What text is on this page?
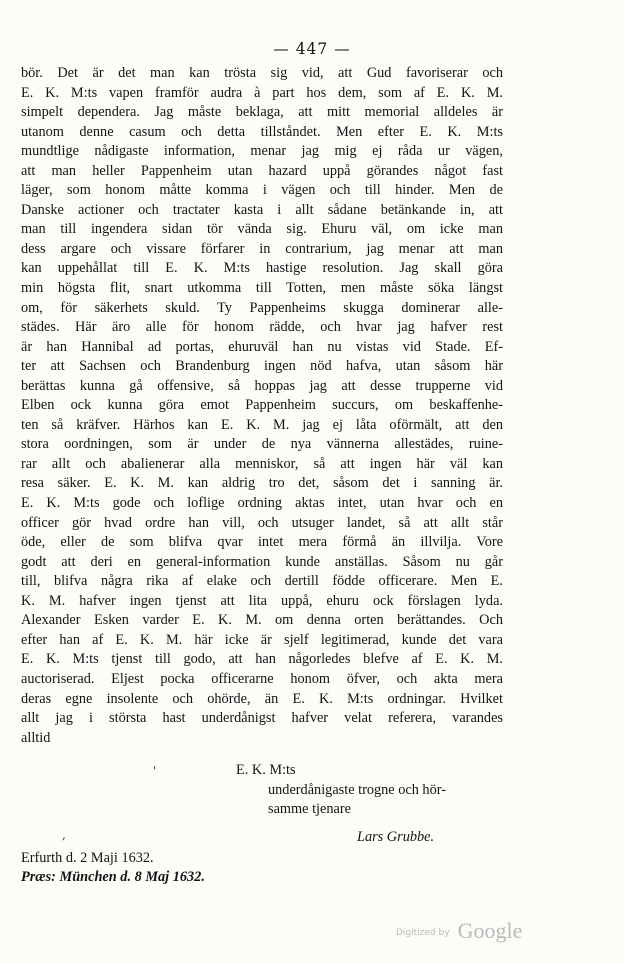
— 447 —
bör. Det är det man kan trösta sig vid, att Gud favoriserar och
E. K. M:ts vapen framför audra à part hos dem, som af E. K. M.
simpelt dependera. Jag måste beklaga, att mitt memorial alldeles är
utanom denne casum och detta tillståndet. Men efter E. K. M:ts
mundtlige nådigaste information, menar jag mig ej råda ur vägen,
att man heller Pappenheim utan hazard uppå görandes något fast
läger, som honom måtte komma i vägen och till hinder. Men de
Danske actioner och tractater kasta i allt sådane betänkande in, att
man till ingendera sidan tör vända sig. Ehuru väl, om icke man
dess argare och vissare förfarer in contrarium, jag menar att man
kan uppehållat till E. K. M:ts hastige resolution. Jag skall göra
min högsta flit, snart utkomma till Totten, men måste söka längst
om, för säkerhets skuld. Ty Pappenheims skugga dominerar alle-
städes. Här äro alle för honom rädde, och hvar jag hafver rest
är han Hannibal ad portas, ehuruväl han nu vistas vid Stade. Ef-
ter att Sachsen och Brandenburg ingen nöd hafva, utan såsom här
berättas kunna gå offensive, så hoppas jag att desse trupperne vid
Elben ock kunna göra emot Pappenheim succurs, om beskaffenhe-
ten så kräfver. Härhos kan E. K. M. jag ej låta oförmält, att den
stora oordningen, som är under de nya vännerna allestädes, ruine-
rar allt och abalienerar alla menniskor, så att ingen här väl kan
resa säker. E. K. M. kan aldrig tro det, såsom det i sanning är.
E. K. M:ts gode och loflige ordning aktas intet, utan hvar och en
officer gör hvad ordre han vill, och utsuger landet, så att allt står
öde, eller de som blifva qvar intet mera förmå än illvilja. Vore
godt att deri en general-information kunde anställas. Såsom nu går
till, blifva några rika af elake och dertill födde officerare. Men E.
K. M. hafver ingen tjenst att lita uppå, ehuru ock förslagen lyda.
Alexander Esken varder E. K. M. om denna orten berättandes. Och
efter han af E. K. M. här icke är sjelf legitimerad, kunde det vara
E. K. M:ts tjenst till godo, att han någorledes blefve af E. K. M.
auctoriserad. Eljest pocka officerarne honom öfver, och akta mera
deras egne insolente och ohörde, än E. K. M:ts ordningar. Hvilket
allt jag i största hast underdånigst hafver velat referera, varandes
alltid
E. K. M:ts
underdånigaste trogne och hör-
samme tjenare
Lars Grubbe.
,
'
Erfurth d. 2 Maji 1632.
Præs: München d. 8 Maj 1632.
Digitized by Google
